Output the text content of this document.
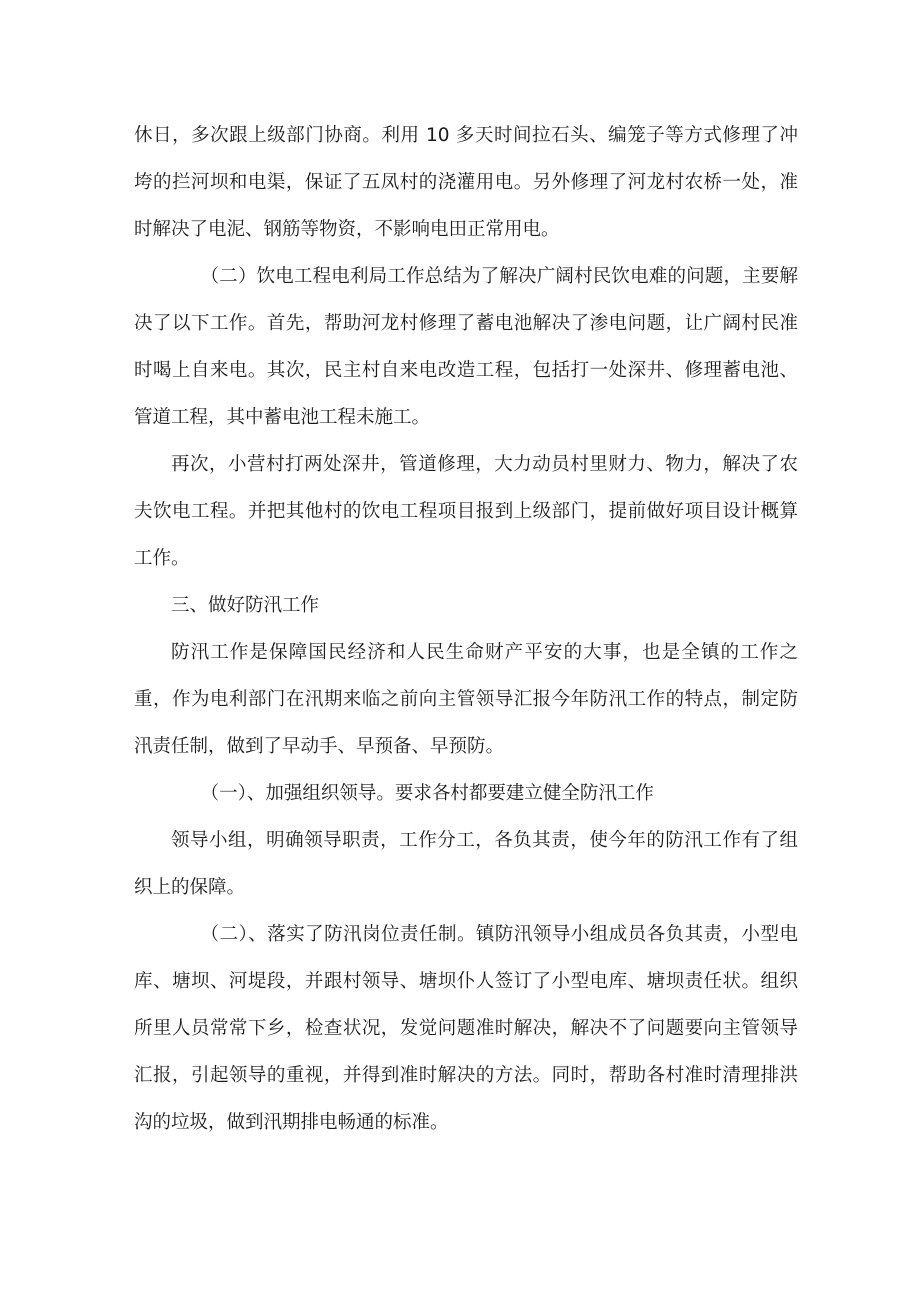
休日，多次跟上级部门协商。利用 10 多天时间拉石头、编笼子等方式修理了冲垮的拦河坝和电渠，保证了五凤村的浇灌用电。另外修理了河龙村农桥一处，准时解决了电泥、钢筋等物资，不影响电田正常用电。

（二）饮电工程电利局工作总结为了解决广阔村民饮电难的问题，主要解决了以下工作。首先，帮助河龙村修理了蓄电池解决了渗电问题，让广阔村民准时喝上自来电。其次，民主村自来电改造工程，包括打一处深井、修理蓄电池、管道工程，其中蓄电池工程未施工。

再次，小营村打两处深井，管道修理，大力动员村里财力、物力，解决了农夫饮电工程。并把其他村的饮电工程项目报到上级部门，提前做好项目设计概算工作。

三、做好防汛工作

防汛工作是保障国民经济和人民生命财产平安的大事，也是全镇的工作之重，作为电利部门在汛期来临之前向主管领导汇报今年防汛工作的特点，制定防汛责任制，做到了早动手、早预备、早预防。

（一）、加强组织领导。要求各村都要建立健全防汛工作

领导小组，明确领导职责，工作分工，各负其责，使今年的防汛工作有了组织上的保障。

（二）、落实了防汛岗位责任制。镇防汛领导小组成员各负其责，小型电库、塘坝、河堤段，并跟村领导、塘坝仆人签订了小型电库、塘坝责任状。组织所里人员常常下乡，检查状况，发觉问题准时解决，解决不了问题要向主管领导汇报，引起领导的重视，并得到准时解决的方法。同时，帮助各村准时清理排洪沟的垃圾，做到汛期排电畅通的标准。
